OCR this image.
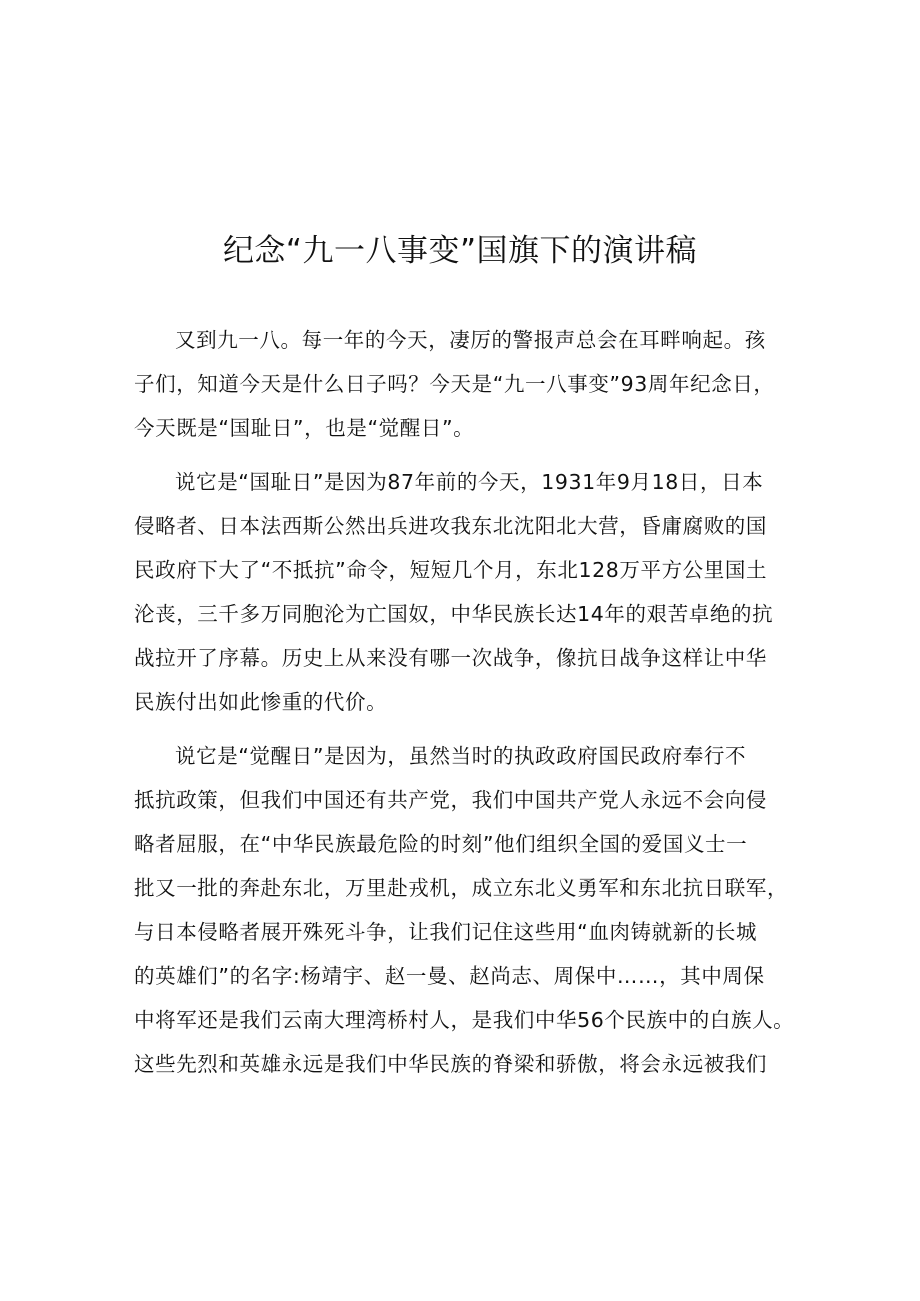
纪念“九一八事变”国旗下的演讲稿

又到九一八。每一年的今天，凄厉的警报声总会在耳畔响起。孩
子们，知道今天是什么日子吗？今天是“九一八事变”93周年纪念日，
今天既是“国耻日”，也是“觉醒日”。

说它是“国耻日”是因为87年前的今天，1931年9月18日，日本
侵略者、日本法西斯公然出兵进攻我东北沈阳北大营，昏庸腐败的国
民政府下大了“不抵抗”命令，短短几个月，东北128万平方公里国土
沦丧，三千多万同胞沦为亡国奴，中华民族长达14年的艰苦卓绝的抗
战拉开了序幕。历史上从来没有哪一次战争，像抗日战争这样让中华
民族付出如此惨重的代价。

说它是“觉醒日”是因为，虽然当时的执政政府国民政府奉行不
抵抗政策，但我们中国还有共产党，我们中国共产党人永远不会向侵
略者屈服，在“中华民族最危险的时刻”他们组织全国的爱国义士一
批又一批的奔赴东北，万里赴戎机，成立东北义勇军和东北抗日联军，
与日本侵略者展开殊死斗争，让我们记住这些用“血肉铸就新的长城
的英雄们”的名字:杨靖宇、赵一曼、赵尚志、周保中……，其中周保
中将军还是我们云南大理湾桥村人，是我们中华56个民族中的白族人。
这些先烈和英雄永远是我们中华民族的脊梁和骄傲，将会永远被我们
